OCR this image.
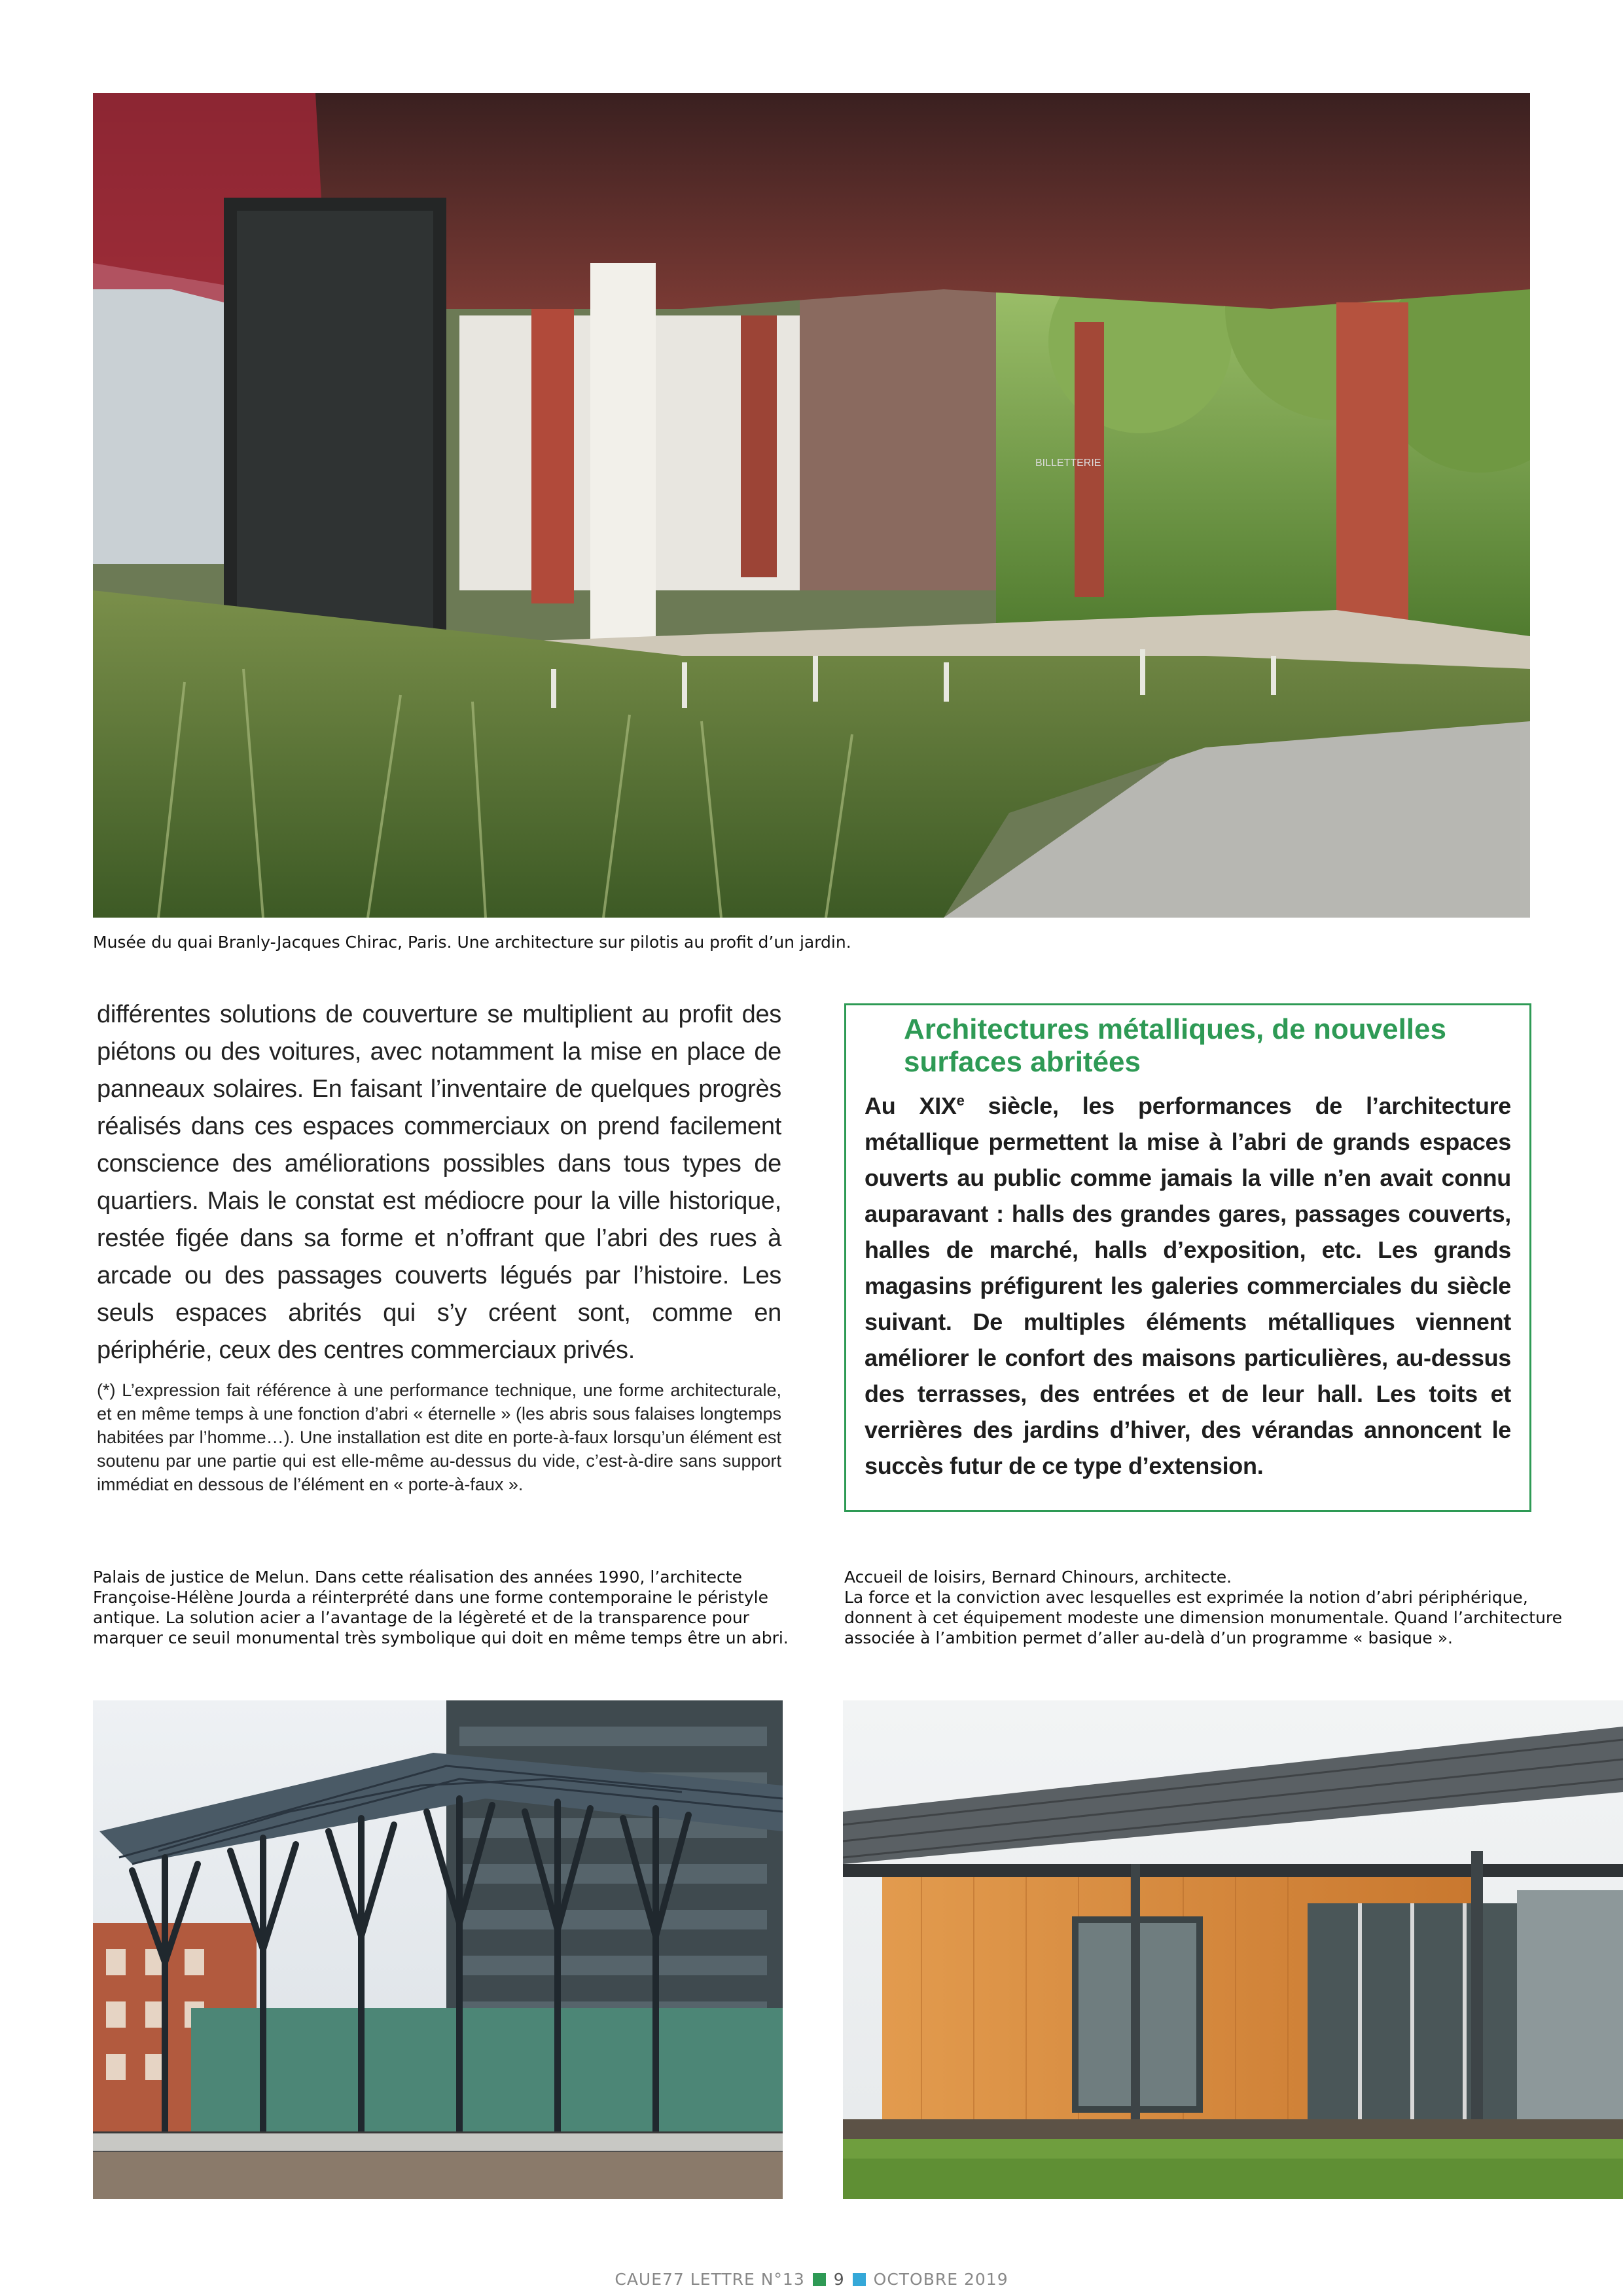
BILLETTERIE
Musée du quai Branly-Jacques Chirac, Paris. Une architecture sur pilotis au profit d’un jardin.

différentes solutions de couverture se multiplient au profit des piétons ou des voitures, avec notamment la mise en place de panneaux solaires. En faisant l’inventaire de quelques progrès réalisés dans ces espaces commerciaux on prend facilement conscience des améliorations possibles dans tous types de quartiers. Mais le constat est médiocre pour la ville historique, restée figée dans sa forme et n’offrant que l’abri des rues à arcade ou des passages couverts légués par l’histoire. Les seuls espaces abrités qui s’y créent sont, comme en périphérie, ceux des centres commerciaux privés.

(*) L’expression fait référence à une performance technique, une forme architecturale, et en même temps à une fonction d’abri « éternelle » (les abris sous falaises longtemps habitées par l’homme…). Une installation est dite en porte-à-faux lorsqu’un élément est soutenu par une partie qui est elle-même au-dessus du vide, c’est-à-dire sans support immédiat en dessous de l’élément en « porte-à-faux ».

Architectures métalliques, de nouvelles surfaces abritées

Au XIXe siècle, les performances de l’architecture métallique permettent la mise à l’abri de grands espaces ouverts au public comme jamais la ville n’en avait connu auparavant : halls des grandes gares, passages couverts, halles de marché, halls d’exposition, etc. Les grands magasins préfigurent les galeries commerciales du siècle suivant. De multiples éléments métalliques viennent améliorer le confort des maisons particulières, au-dessus des terrasses, des entrées et de leur hall. Les toits et verrières des jardins d’hiver, des vérandas annoncent le succès futur de ce type d’extension.

Palais de justice de Melun. Dans cette réalisation des années 1990, l’architecte Françoise-Hélène Jourda a réinterprété dans une forme contemporaine le péristyle antique. La solution acier a l’avantage de la légèreté et de la transparence pour marquer ce seuil monumental très symbolique qui doit en même temps être un abri.
Accueil de loisirs, Bernard Chinours, architecte.
La force et la conviction avec lesquelles est exprimée la notion d’abri périphérique, donnent à cet équipement modeste une dimension monumentale. Quand l’architecture associée à l’ambition permet d’aller au-delà d’un programme « basique ».
CAUE77 LETTRE N°13 9 OCTOBRE 2019
